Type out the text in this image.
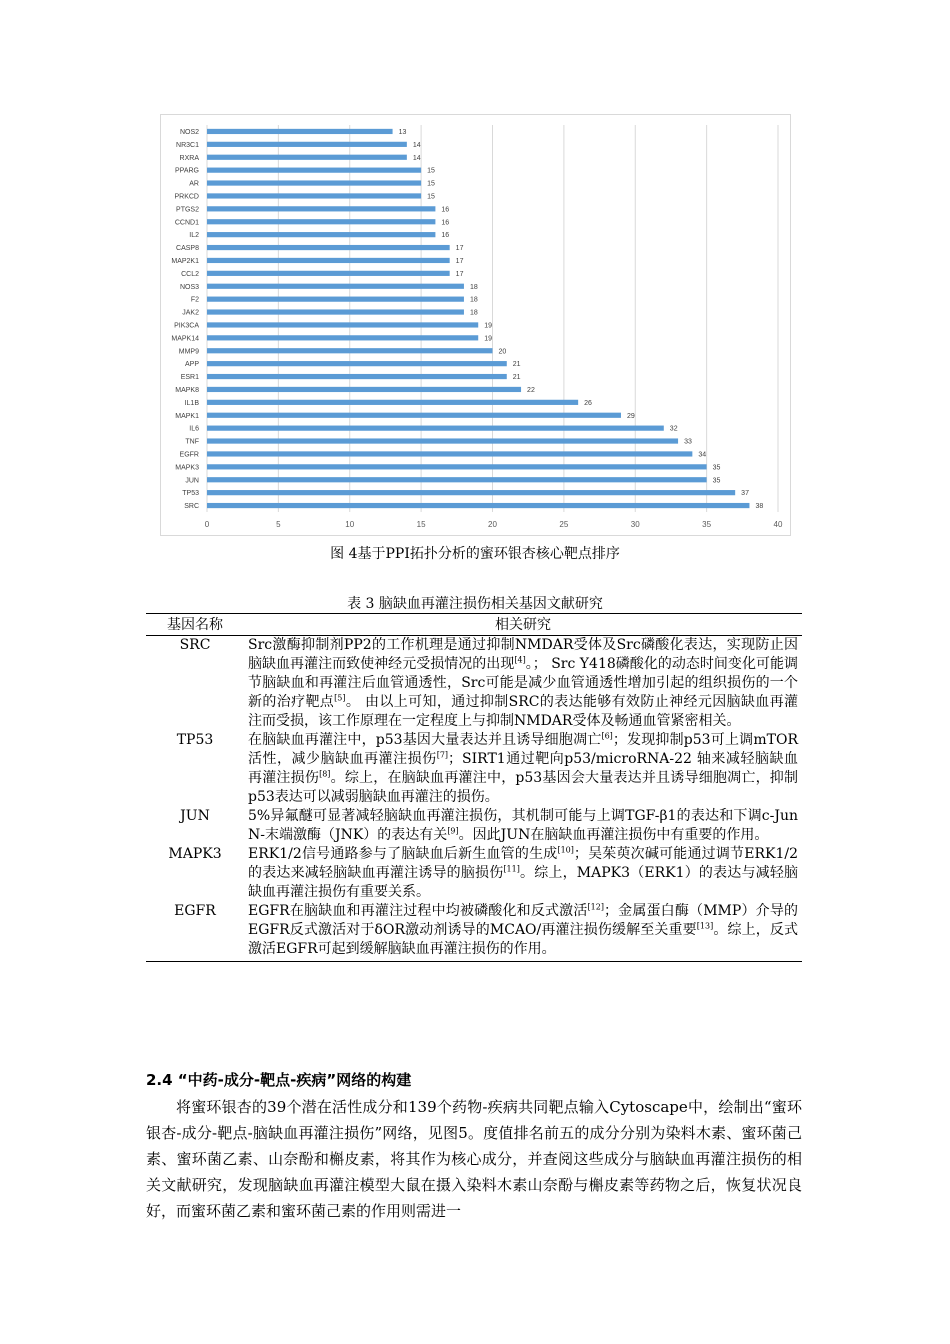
0	5	10	15	20	25	30	35	40
NOS2	13
NR3C1	14
RXRA	14
PPARG	15
AR	15
PRKCD	15
PTGS2	16
CCND1	16
IL2	16
CASP8	17
MAP2K1	17
CCL2	17
NOS3	18
F2	18
JAK2	18
PIK3CA	19
MAPK14	19
MMP9	20
APP	21
ESR1	21
MAPK8	22
IL1B	26
MAPK1	29
IL6	32
TNF	33
EGFR	34
MAPK3	35
JUN	35
TP53	37
SRC	38
图 4基于PPI拓扑分析的蜜环银杏核心靶点排序
表 3 脑缺血再灌注损伤相关基因文献研究
基因名称	相关研究
SRC	Src激酶抑制剂PP2的工作机理是通过抑制NMDAR受体及Src磷酸化表达，实现防止因脑缺血再灌注而致使神经元受损情况的出现[4]。； Src Y418磷酸化的动态时间变化可能调节脑缺血和再灌注后血管通透性，Src可能是减少血管通透性增加引起的组织损伤的一个新的治疗靶点[5]。 由以上可知，通过抑制SRC的表达能够有效防止神经元因脑缺血再灌注而受损，该工作原理在一定程度上与抑制NMDAR受体及畅通血管紧密相关。
TP53	在脑缺血再灌注中，p53基因大量表达并且诱导细胞凋亡[6]；发现抑制p53可上调mTOR活性，减少脑缺血再灌注损伤[7]；SIRT1通过靶向p53/microRNA-22 轴来减轻脑缺血再灌注损伤[8]。综上，在脑缺血再灌注中，p53基因会大量表达并且诱导细胞凋亡，抑制p53表达可以减弱脑缺血再灌注的损伤。
JUN	5%异氟醚可显著减轻脑缺血再灌注损伤，其机制可能与上调TGF-β1的表达和下调c-Jun N-末端激酶（JNK）的表达有关[9]。因此JUN在脑缺血再灌注损伤中有重要的作用。
MAPK3	ERK1/2信号通路参与了脑缺血后新生血管的生成[10]；吴茱萸次碱可能通过调节ERK1/2的表达来减轻脑缺血再灌注诱导的脑损伤[11]。综上，MAPK3（ERK1）的表达与减轻脑缺血再灌注损伤有重要关系。
EGFR	EGFR在脑缺血和再灌注过程中均被磷酸化和反式激活[12]；金属蛋白酶（MMP）介导的EGFR反式激活对于δOR激动剂诱导的MCAO/再灌注损伤缓解至关重要[13]。综上，反式激活EGFR可起到缓解脑缺血再灌注损伤的作用。
2.4 “中药-成分-靶点-疾病”网络的构建

将蜜环银杏的39个潜在活性成分和139个药物-疾病共同靶点输入Cytoscape中，绘制出“蜜环银杏-成分-靶点-脑缺血再灌注损伤”网络，见图5。度值排名前五的成分分别为染料木素、蜜环菌己素、蜜环菌乙素、山奈酚和槲皮素，将其作为核心成分，并查阅这些成分与脑缺血再灌注损伤的相关文献研究，发现脑缺血再灌注模型大鼠在摄入染料木素山奈酚与槲皮素等药物之后，恢复状况良好，而蜜环菌乙素和蜜环菌己素的作用则需进一
